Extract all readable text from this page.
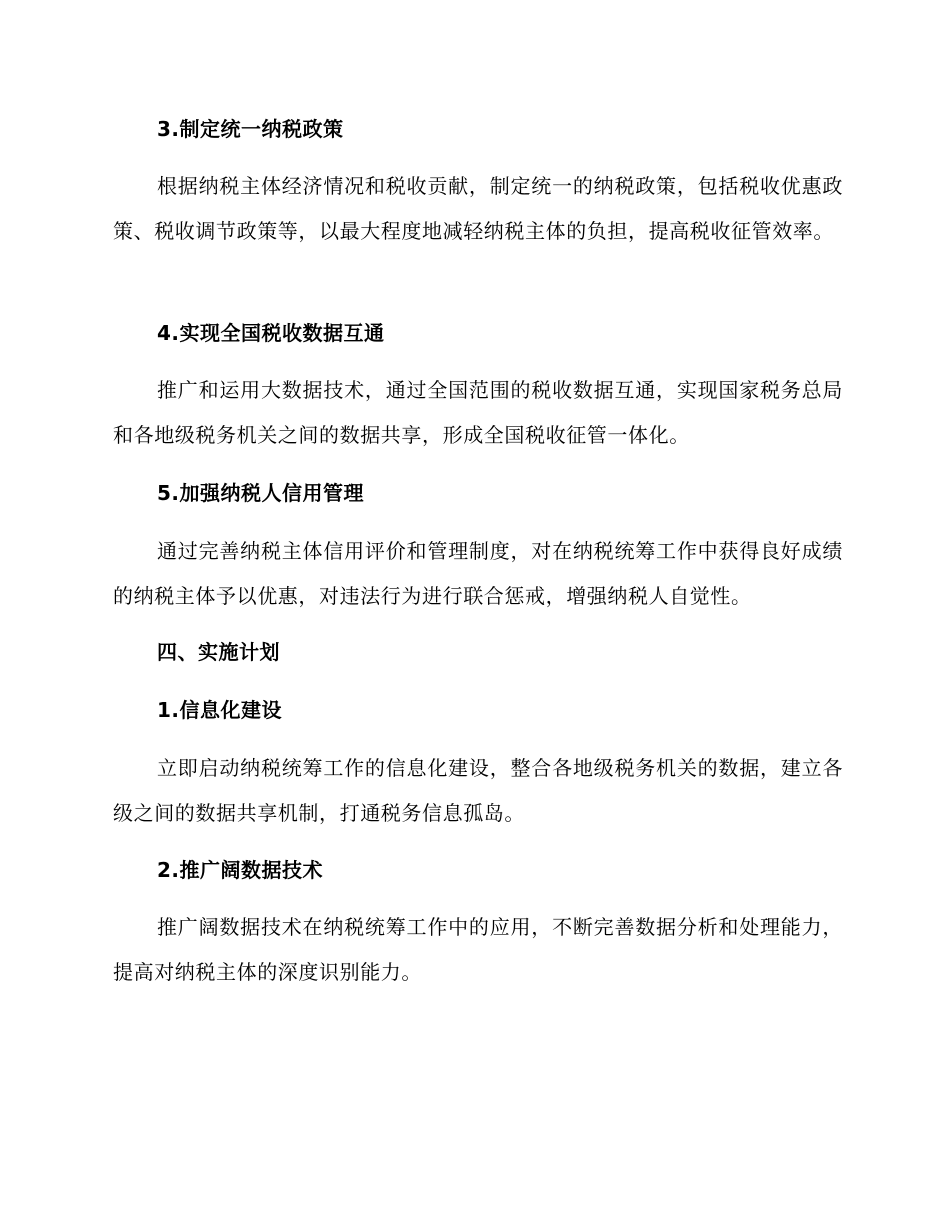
3.制定统一纳税政策
根据纳税主体经济情况和税收贡献，制定统一的纳税政策，包括税收优惠政策、税收调节政策等，以最大程度地减轻纳税主体的负担，提高税收征管效率。
4.实现全国税收数据互通
推广和运用大数据技术，通过全国范围的税收数据互通，实现国家税务总局和各地级税务机关之间的数据共享，形成全国税收征管一体化。
5.加强纳税人信用管理
通过完善纳税主体信用评价和管理制度，对在纳税统筹工作中获得良好成绩的纳税主体予以优惠，对违法行为进行联合惩戒，增强纳税人自觉性。
四、实施计划
1.信息化建设
立即启动纳税统筹工作的信息化建设，整合各地级税务机关的数据，建立各级之间的数据共享机制，打通税务信息孤岛。
2.推广阔数据技术
推广阔数据技术在纳税统筹工作中的应用，不断完善数据分析和处理能力，提高对纳税主体的深度识别能力。
